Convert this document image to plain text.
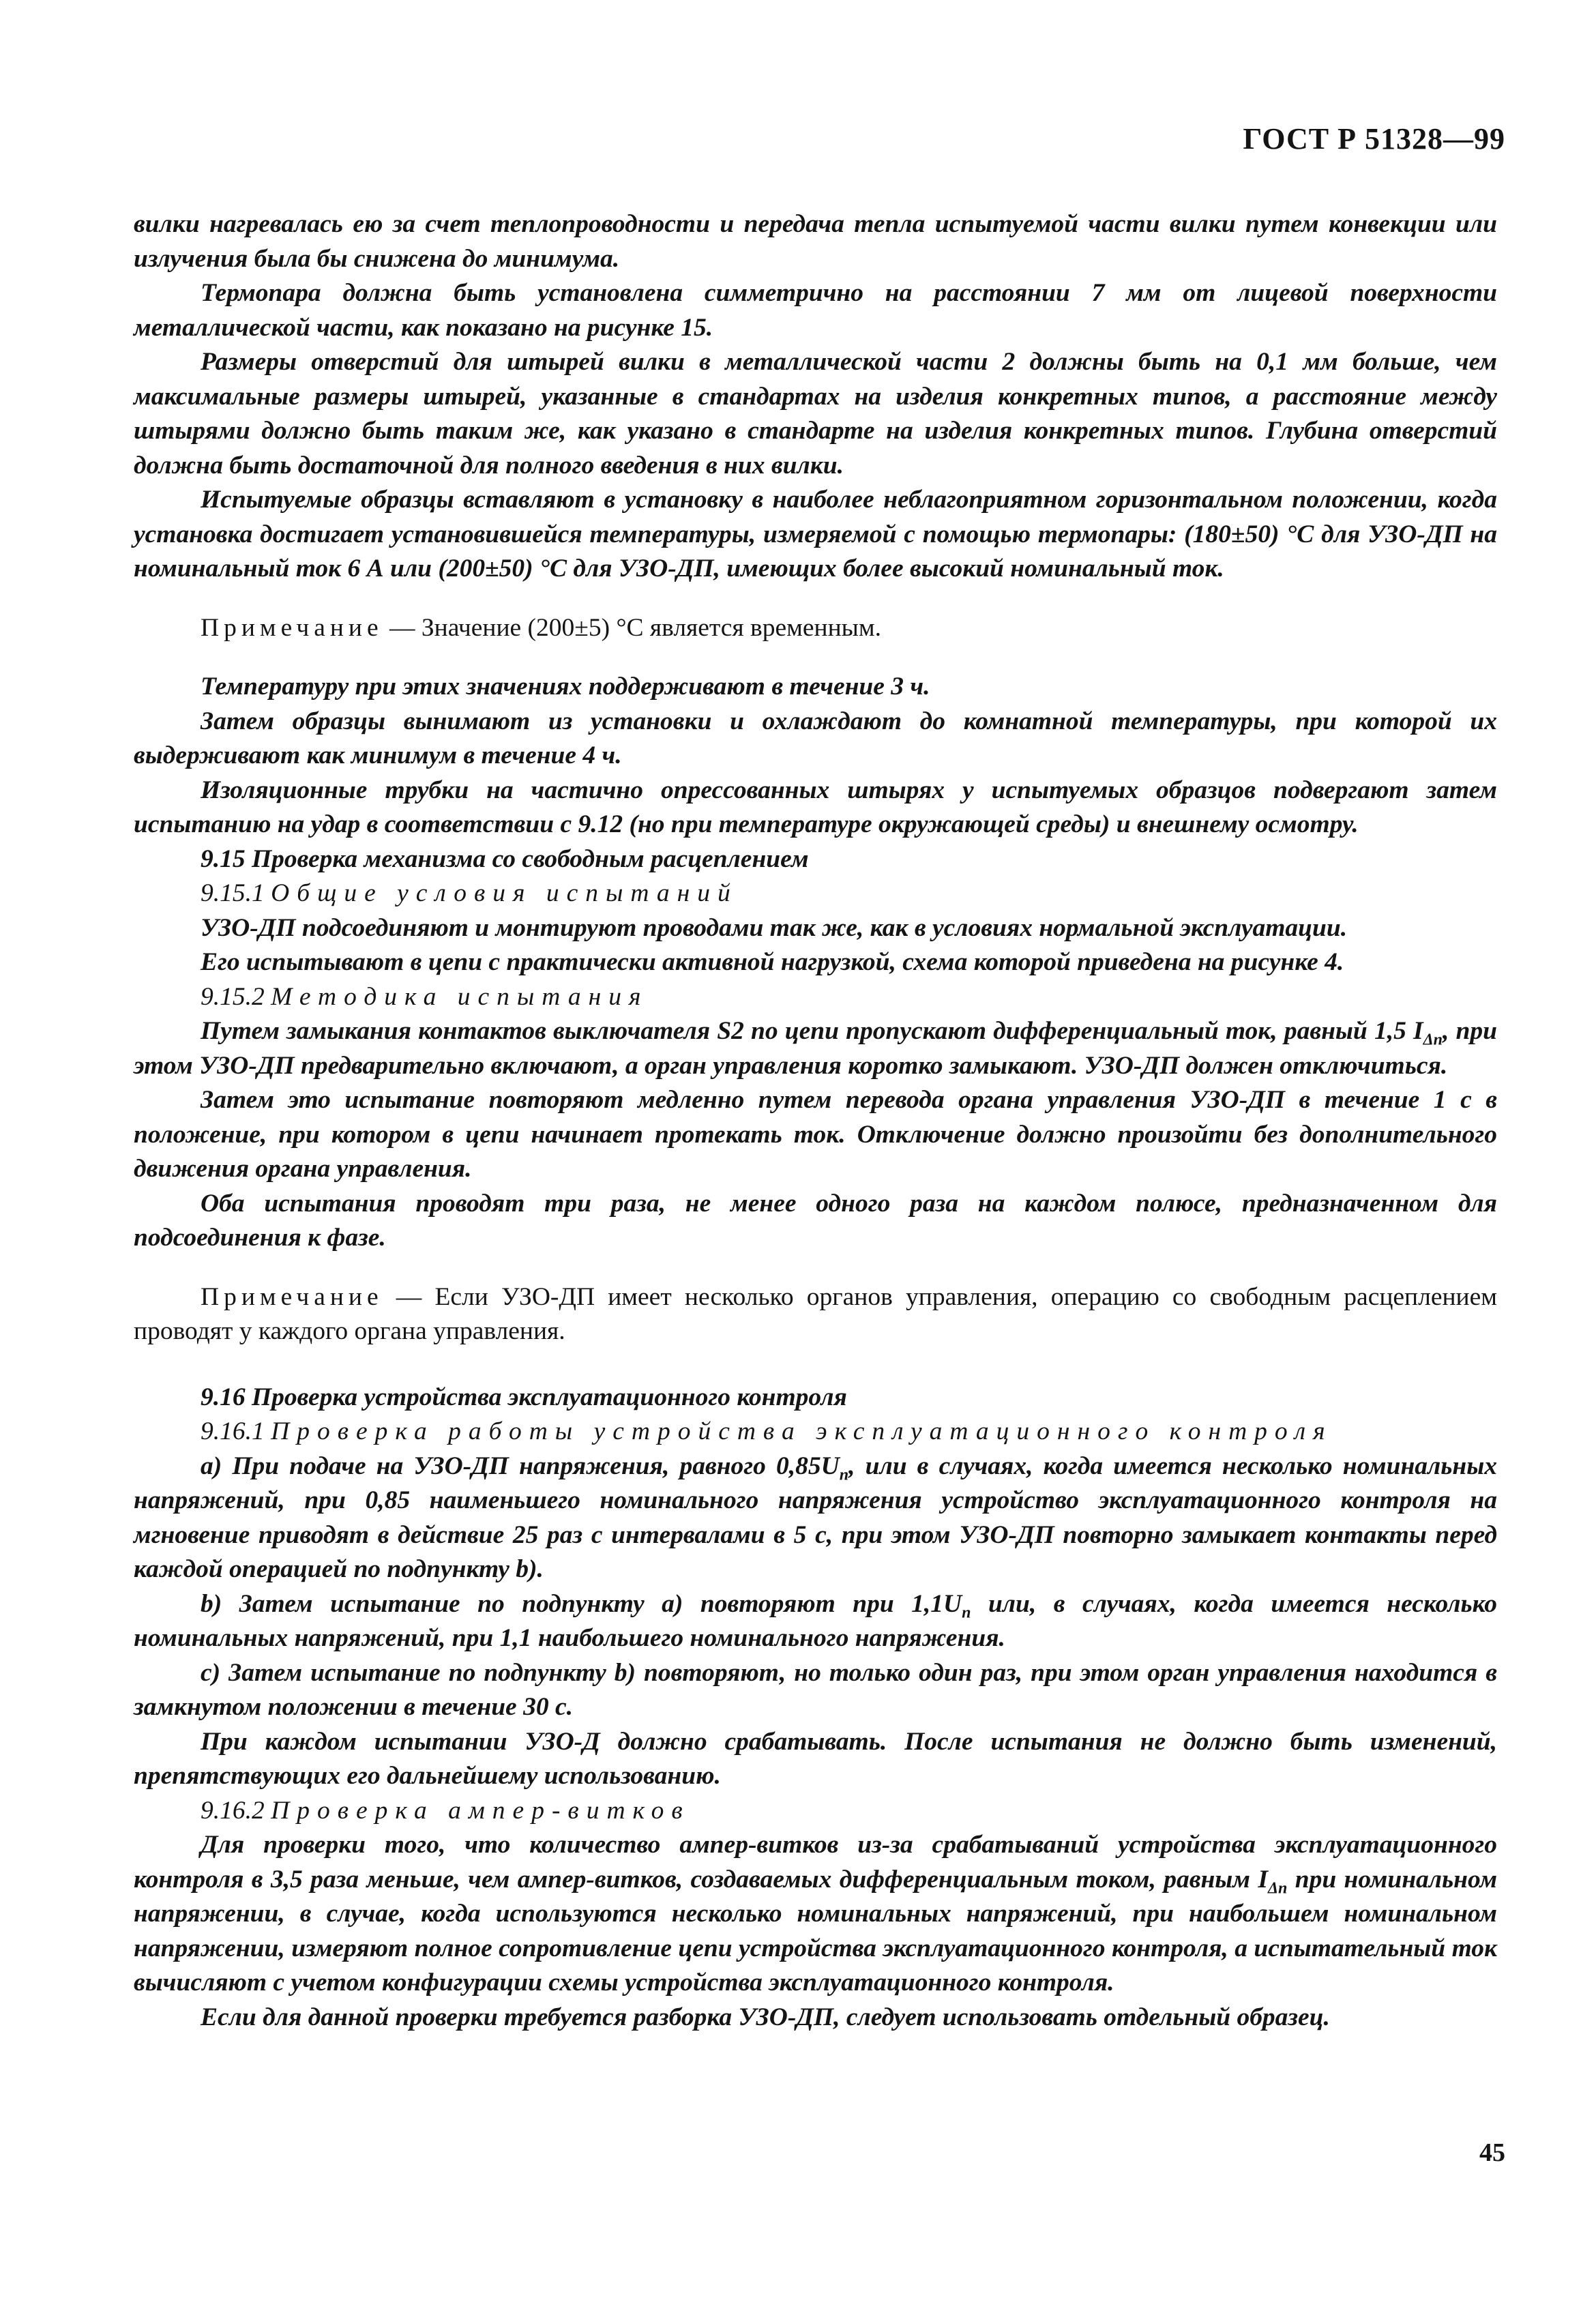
ГОСТ Р 51328—99

вилки нагревалась ею за счет теплопроводности и передача тепла испытуемой части вилки путем конвекции или излучения была бы снижена до минимума.

Термопара должна быть установлена симметрично на расстоянии 7 мм от лицевой поверхности металлической части, как показано на рисунке 15.

Размеры отверстий для штырей вилки в металлической части 2 должны быть на 0,1 мм больше, чем максимальные размеры штырей, указанные в стандартах на изделия конкретных типов, а расстояние между штырями должно быть таким же, как указано в стандарте на изделия конкретных типов. Глубина отверстий должна быть достаточной для полного введения в них вилки.

Испытуемые образцы вставляют в установку в наиболее неблагоприятном горизонтальном положении, когда установка достигает установившейся температуры, измеряемой с помощью термопары: (180±50) °С для УЗО-ДП на номинальный ток 6 А или (200±50) °С для УЗО-ДП, имеющих более высокий номинальный ток.

Примечание — Значение (200±5) °С является временным.

Температуру при этих значениях поддерживают в течение 3 ч.

Затем образцы вынимают из установки и охлаждают до комнатной температуры, при которой их выдерживают как минимум в течение 4 ч.

Изоляционные трубки на частично опрессованных штырях у испытуемых образцов подвергают затем испытанию на удар в соответствии с 9.12 (но при температуре окружающей среды) и внешнему осмотру.

9.15 Проверка механизма со свободным расцеплением

9.15.1 Общие условия испытаний

УЗО-ДП подсоединяют и монтируют проводами так же, как в условиях нормальной эксплуатации.

Его испытывают в цепи с практически активной нагрузкой, схема которой приведена на рисунке 4.

9.15.2 Методика испытания

Путем замыкания контактов выключателя S2 по цепи пропускают дифференциальный ток, равный 1,5 $I_{\Delta n}$, при этом УЗО-ДП предварительно включают, а орган управления коротко замыкают. УЗО-ДП должен отключиться.

Затем это испытание повторяют медленно путем перевода органа управления УЗО-ДП в течение 1 с в положение, при котором в цепи начинает протекать ток. Отключение должно произойти без дополнительного движения органа управления.

Оба испытания проводят три раза, не менее одного раза на каждом полюсе, предназначенном для подсоединения к фазе.

Примечание — Если УЗО-ДП имеет несколько органов управления, операцию со свободным расцеплением проводят у каждого органа управления.

9.16 Проверка устройства эксплуатационного контроля

9.16.1 Проверка работы устройства эксплуатационного контроля

a) При подаче на УЗО-ДП напряжения, равного $0,85U_n$, или в случаях, когда имеется несколько номинальных напряжений, при 0,85 наименьшего номинального напряжения устройство эксплуатационного контроля на мгновение приводят в действие 25 раз с интервалами в 5 с, при этом УЗО-ДП повторно замыкает контакты перед каждой операцией по подпункту b).

b) Затем испытание по подпункту a) повторяют при $1,1U_n$ или, в случаях, когда имеется несколько номинальных напряжений, при 1,1 наибольшего номинального напряжения.

c) Затем испытание по подпункту b) повторяют, но только один раз, при этом орган управления находится в замкнутом положении в течение 30 с.

При каждом испытании УЗО-Д должно срабатывать. После испытания не должно быть изменений, препятствующих его дальнейшему использованию.

9.16.2 Проверка ампер-витков

Для проверки того, что количество ампер-витков из-за срабатываний устройства эксплуатационного контроля в 3,5 раза меньше, чем ампер-витков, создаваемых дифференциальным током, равным $I_{\Delta n}$ при номинальном напряжении, в случае, когда используются несколько номинальных напряжений, при наибольшем номинальном напряжении, измеряют полное сопротивление цепи устройства эксплуатационного контроля, а испытательный ток вычисляют с учетом конфигурации схемы устройства эксплуатационного контроля.

Если для данной проверки требуется разборка УЗО-ДП, следует использовать отдельный образец.

45
